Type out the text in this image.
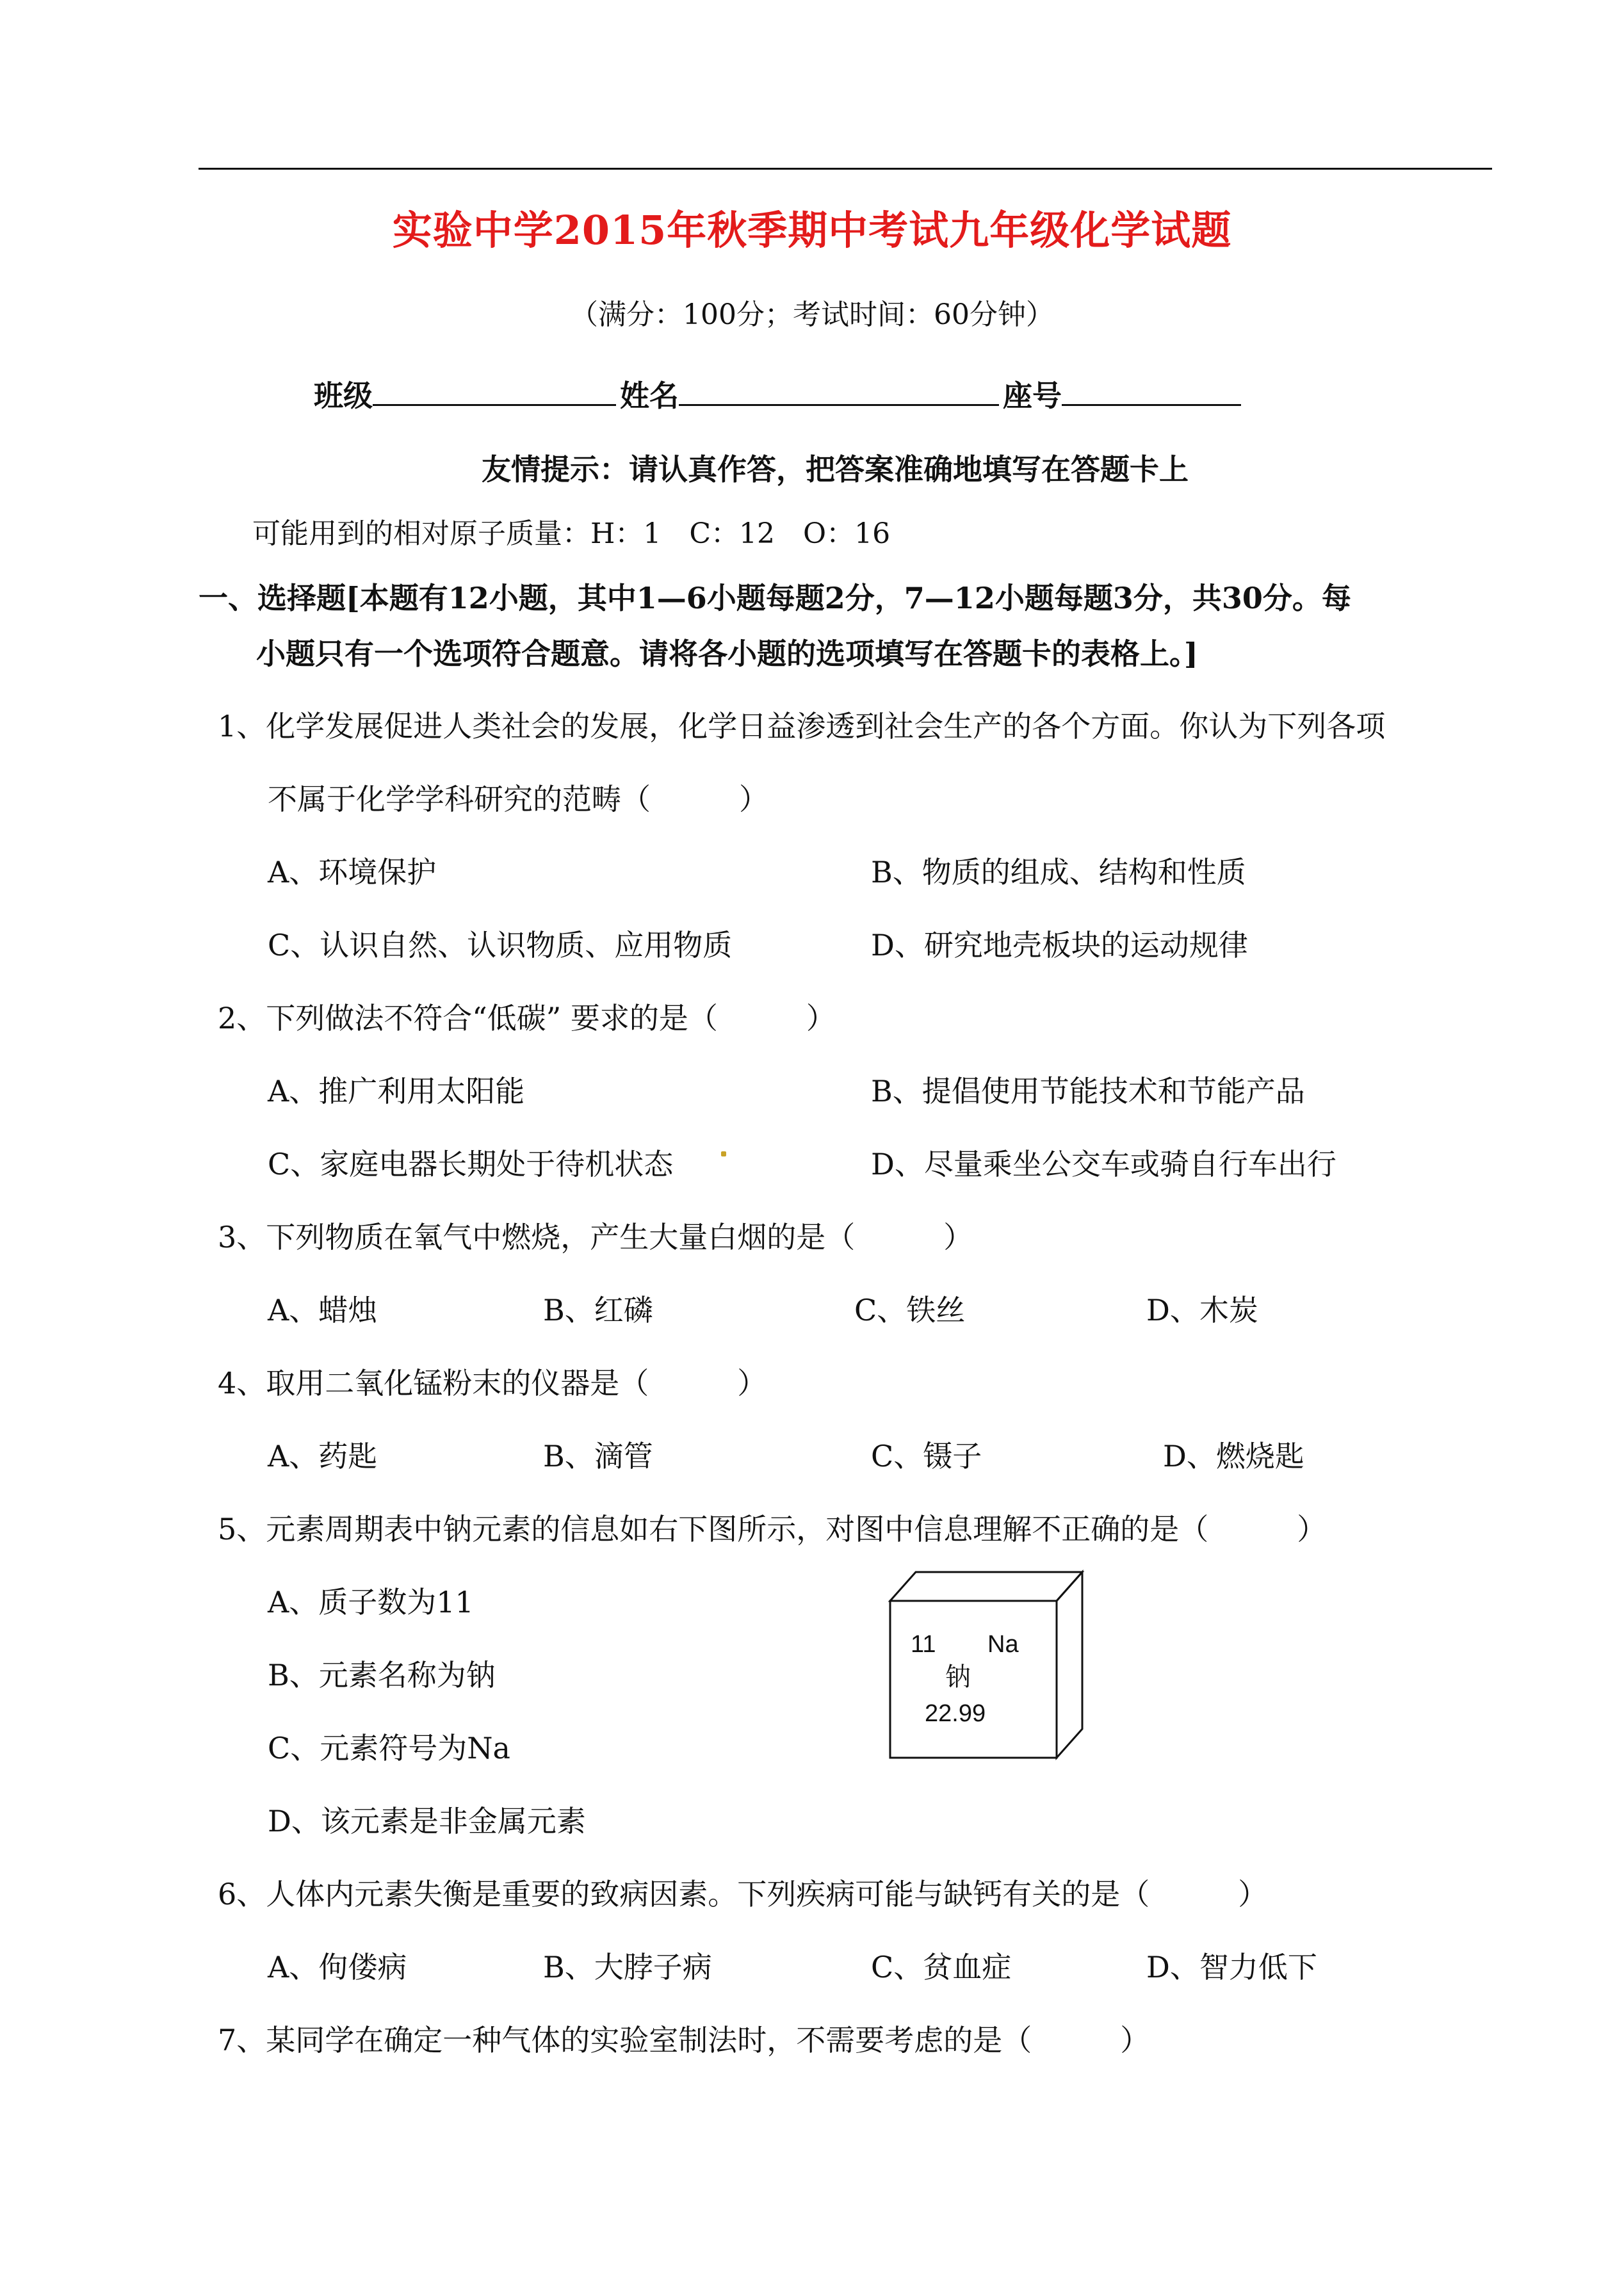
实验中学2015年秋季期中考试九年级化学试题
（满分：100分；考试时间：60分钟）
班级	姓名	座号
友情提示：请认真作答，把答案准确地填写在答题卡上
可能用到的相对原子质量：H：1　C：12　O：16
一、选择题[本题有12小题，其中1—6小题每题2分，7—12小题每题3分，共30分。每
小题只有一个选项符合题意。请将各小题的选项填写在答题卡的表格上。]
1、化学发展促进人类社会的发展，化学日益渗透到社会生产的各个方面。你认为下列各项
不属于化学学科研究的范畴（　　　）
A、环境保护	B、物质的组成、结构和性质
C、认识自然、认识物质、应用物质	D、研究地壳板块的运动规律
2、下列做法不符合“低碳” 要求的是（　　　）
A、推广利用太阳能	B、提倡使用节能技术和节能产品
C、家庭电器长期处于待机状态	D、尽量乘坐公交车或骑自行车出行
3、下列物质在氧气中燃烧，产生大量白烟的是（　　　）
A、蜡烛	B、红磷	C、铁丝	D、木炭
4、取用二氧化锰粉末的仪器是（　　　）
A、药匙	B、滴管	C、镊子	D、燃烧匙
5、元素周期表中钠元素的信息如右下图所示，对图中信息理解不正确的是（　　　）
A、质子数为11
B、元素名称为钠
C、元素符号为Na
D、该元素是非金属元素
11 Na
钠
22.99
6、人体内元素失衡是重要的致病因素。下列疾病可能与缺钙有关的是（　　　）
A、佝偻病	B、大脖子病	C、贫血症	D、智力低下
7、某同学在确定一种气体的实验室制法时，不需要考虑的是（　　　）
